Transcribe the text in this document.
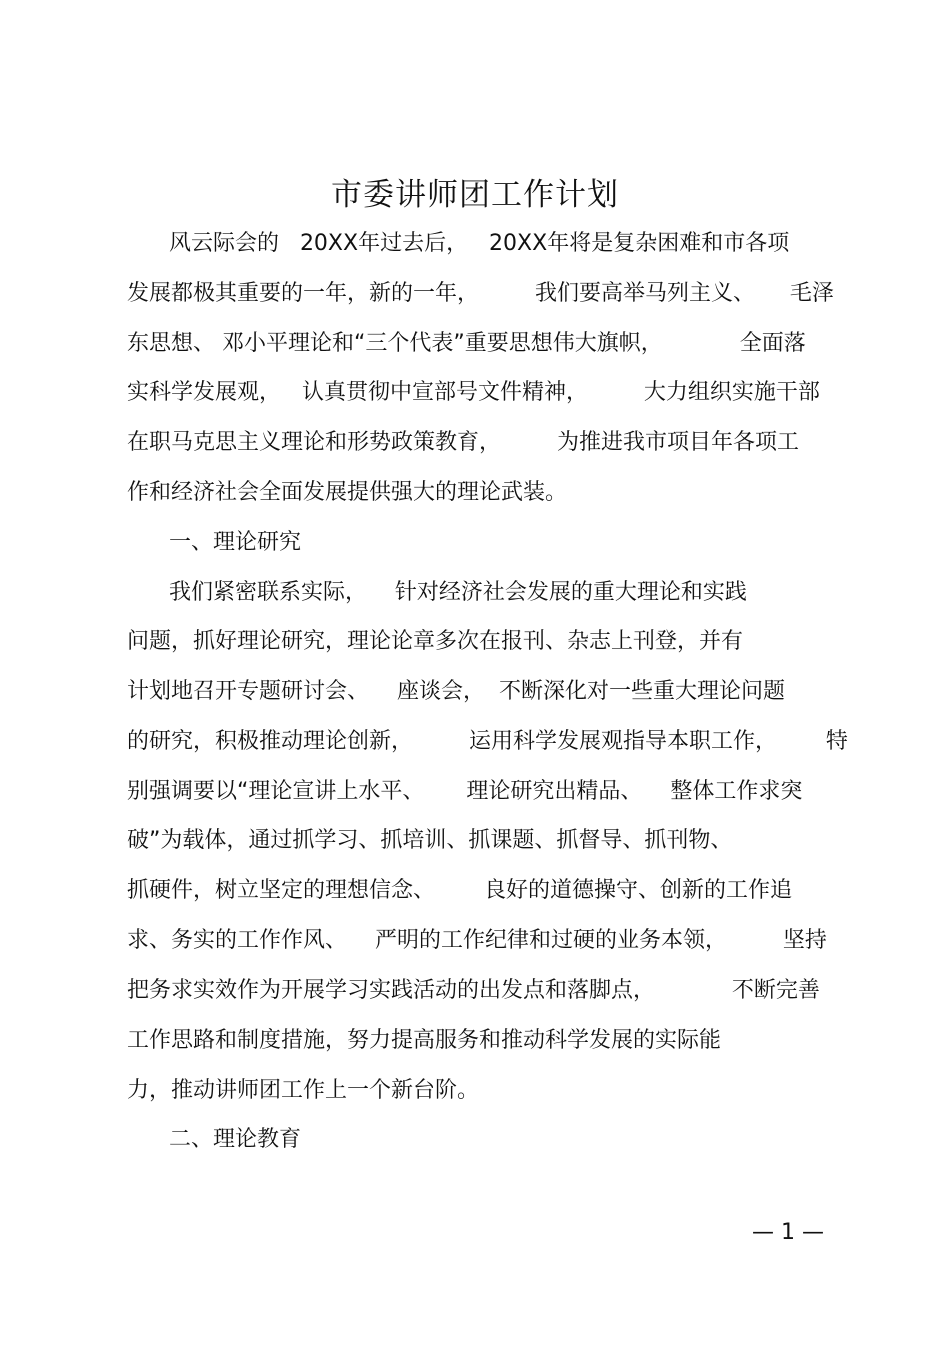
市委讲师团工作计划

风云际会的   20XX年过去后，   20XX年将是复杂困难和市各项

发展都极其重要的一年，新的一年，        我们要高举马列主义、     毛泽

东思想、 邓小平理论和“三个代表”重要思想伟大旗帜，           全面落

实科学发展观，   认真贯彻中宣部号文件精神，        大力组织实施干部

在职马克思主义理论和形势政策教育，        为推进我市项目年各项工

作和经济社会全面发展提供强大的理论武装。

一、理论研究

我们紧密联系实际，    针对经济社会发展的重大理论和实践

问题，抓好理论研究，理论论章多次在报刊、杂志上刊登，并有

计划地召开专题研讨会、    座谈会，  不断深化对一些重大理论问题

的研究，积极推动理论创新，        运用科学发展观指导本职工作，       特

别强调要以“理论宣讲上水平、      理论研究出精品、    整体工作求突

破”为载体，通过抓学习、抓培训、抓课题、抓督导、抓刊物、

抓硬件，树立坚定的理想信念、       良好的道德操守、创新的工作追

求、务实的工作作风、    严明的工作纪律和过硬的业务本领，        坚持

把务求实效作为开展学习实践活动的出发点和落脚点，           不断完善

工作思路和制度措施，努力提高服务和推动科学发展的实际能

力，推动讲师团工作上一个新台阶。

二、理论教育

— 1 —
